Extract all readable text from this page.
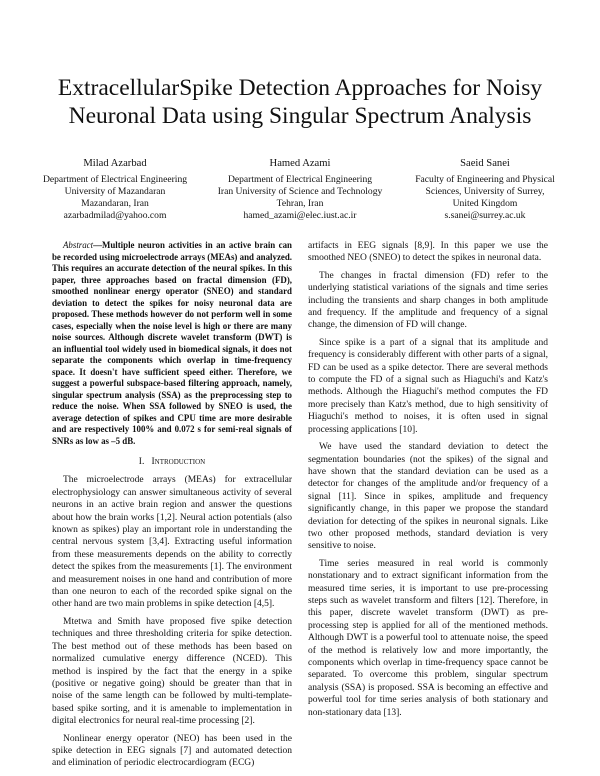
ExtracellularSpike Detection Approaches for Noisy
Neuronal Data using Singular Spectrum Analysis
Milad Azarbad
Department of Electrical Engineering
University of Mazandaran
Mazandaran, Iran
azarbadmilad@yahoo.com
Hamed Azami
Department of Electrical Engineering
Iran University of Science and Technology
Tehran, Iran
hamed_azami@elec.iust.ac.ir
Saeid Sanei
Faculty of Engineering and Physical
Sciences, University of Surrey,
United Kingdom
s.sanei@surrey.ac.uk

Abstract—Multiple neuron activities in an active brain can be recorded using microelectrode arrays (MEAs) and analyzed. This requires an accurate detection of the neural spikes. In this paper, three approaches based on fractal dimension (FD), smoothed nonlinear energy operator (SNEO) and standard deviation to detect the spikes for noisy neuronal data are proposed. These methods however do not perform well in some cases, especially when the noise level is high or there are many noise sources. Although discrete wavelet transform (DWT) is an influential tool widely used in biomedical signals, it does not separate the components which overlap in time-frequency space. It doesn't have sufficient speed either. Therefore, we suggest a powerful subspace-based filtering approach, namely, singular spectrum analysis (SSA) as the preprocessing step to reduce the noise. When SSA followed by SNEO is used, the average detection of spikes and CPU time are more desirable and are respectively 100% and 0.072 s for semi-real signals of SNRs as low as –5 dB.

I. Introduction

The microelectrode arrays (MEAs) for extracellular electrophysiology can answer simultaneous activity of several neurons in an active brain region and answer the questions about how the brain works [1,2]. Neural action potentials (also known as spikes) play an important role in understanding the central nervous system [3,4]. Extracting useful information from these measurements depends on the ability to correctly detect the spikes from the measurements [1]. The environment and measurement noises in one hand and contribution of more than one neuron to each of the recorded spike signal on the other hand are two main problems in spike detection [4,5].

Mtetwa and Smith have proposed five spike detection techniques and three thresholding criteria for spike detection. The best method out of these methods has been based on normalized cumulative energy difference (NCED). This method is inspired by the fact that the energy in a spike (positive or negative going) should be greater than that in noise of the same length can be followed by multi-template-based spike sorting, and it is amenable to implementation in digital electronics for neural real-time processing [2].

Nonlinear energy operator (NEO) has been used in the spike detection in EEG signals [7] and automated detection and elimination of periodic electrocardiogram (ECG)

artifacts in EEG signals [8,9]. In this paper we use the smoothed NEO (SNEO) to detect the spikes in neuronal data.

The changes in fractal dimension (FD) refer to the underlying statistical variations of the signals and time series including the transients and sharp changes in both amplitude and frequency. If the amplitude and frequency of a signal change, the dimension of FD will change.

Since spike is a part of a signal that its amplitude and frequency is considerably different with other parts of a signal, FD can be used as a spike detector. There are several methods to compute the FD of a signal such as Hiaguchi's and Katz's methods. Although the Hiaguchi's method computes the FD more precisely than Katz's method, due to high sensitivity of Hiaguchi's method to noises, it is often used in signal processing applications [10].

We have used the standard deviation to detect the segmentation boundaries (not the spikes) of the signal and have shown that the standard deviation can be used as a detector for changes of the amplitude and/or frequency of a signal [11]. Since in spikes, amplitude and frequency significantly change, in this paper we propose the standard deviation for detecting of the spikes in neuronal signals. Like two other proposed methods, standard deviation is very sensitive to noise.

Time series measured in real world is commonly nonstationary and to extract significant information from the measured time series, it is important to use pre-processing steps such as wavelet transform and filters [12]. Therefore, in this paper, discrete wavelet transform (DWT) as pre-processing step is applied for all of the mentioned methods. Although DWT is a powerful tool to attenuate noise, the speed of the method is relatively low and more importantly, the components which overlap in time-frequency space cannot be separated. To overcome this problem, singular spectrum analysis (SSA) is proposed. SSA is becoming an effective and powerful tool for time series analysis of both stationary and non-stationary data [13].
